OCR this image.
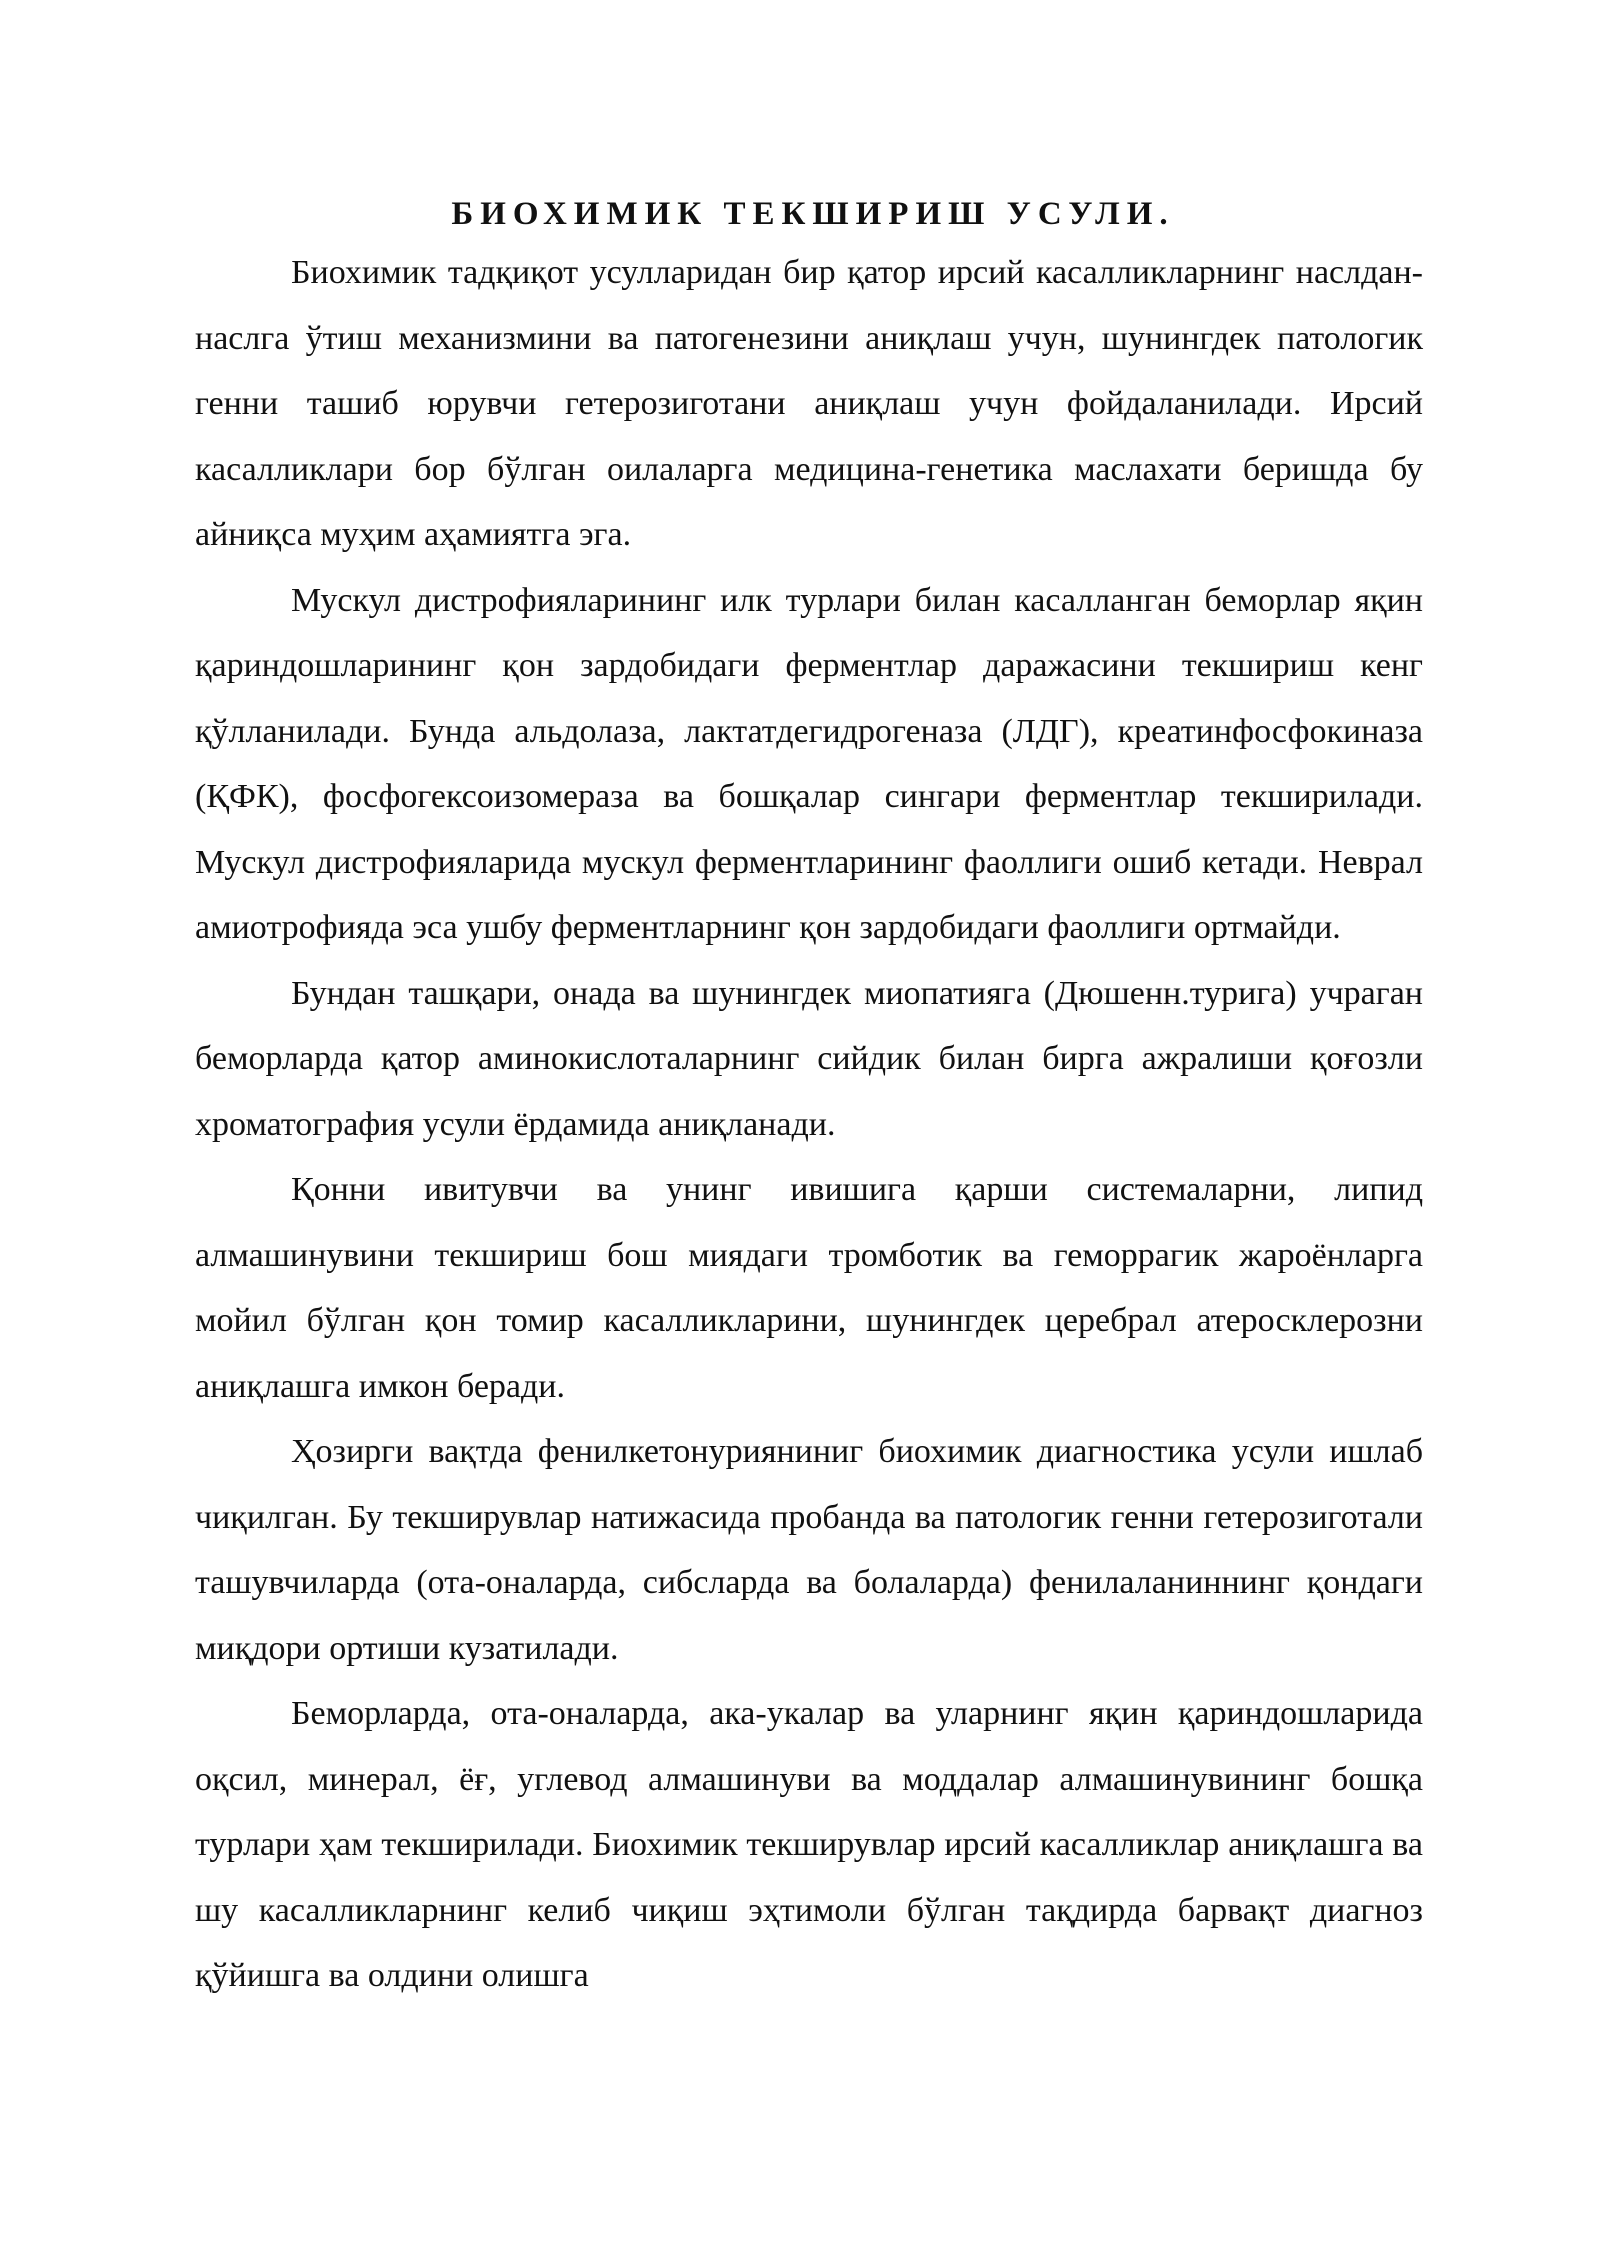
БИОХИМИК ТЕКШИРИШ УСУЛИ.

Биохимик тадқиқот усулларидан бир қатор ирсий касалликларнинг наслдан-наслга ўтиш механизмини ва патогенезини аниқлаш учун, шунингдек патологик генни ташиб юрувчи гетерозиготани аниқлаш учун фойдаланилади. Ирсий касалликлари бор бўлган оилаларга медицина-генетика маслахати беришда бу айниқса муҳим аҳамиятга эга.

Мускул дистрофияларининг илк турлари билан касалланган беморлар яқин қариндошларининг қон зардобидаги ферментлар даражасини текшириш кенг қўлланилади. Бунда альдолаза, лактатдегидрогеназа (ЛДГ), креатинфосфокиназа (ҚФК), фосфогексоизомераза ва бошқалар сингари ферментлар текширилади. Мускул дистрофияларида мускул ферментларининг фаоллиги ошиб кетади. Неврал амиотрофияда эса ушбу ферментларнинг қон зардобидаги фаоллиги ортмайди.

Бундан ташқари, онада ва шунингдек миопатияга (Дюшенн.турига) учраган беморларда қатор аминокислоталарнинг сийдик билан бирга ажралиши қоғозли хроматография усули ёрдамида аниқланади.

Қонни ивитувчи ва унинг ивишига қарши системаларни, липид алмашинувини текшириш бош миядаги тромботик ва геморрагик жароёнларга мойил бўлган қон томир касалликларини, шунингдек церебрал атеросклерозни аниқлашга имкон беради.

Ҳозирги вақтда фенилкетонурияниниг биохимик диагностика усули ишлаб чиқилган. Бу текширувлар натижасида пробанда ва патологик генни гетерозиготали ташувчиларда (ота-оналарда, сибсларда ва болаларда) фенилаланиннинг қондаги миқдори ортиши кузатилади.

Беморларда, ота-оналарда, ака-укалар ва уларнинг яқин қариндошларида оқсил, минерал, ёғ, углевод алмашинуви ва моддалар алмашинувининг бошқа турлари ҳам текширилади. Биохимик текширувлар ирсий касалликлар аниқлашга ва шу касалликларнинг келиб чиқиш эҳтимоли бўлган тақдирда барвақт диагноз қўйишга ва олдини олишга
